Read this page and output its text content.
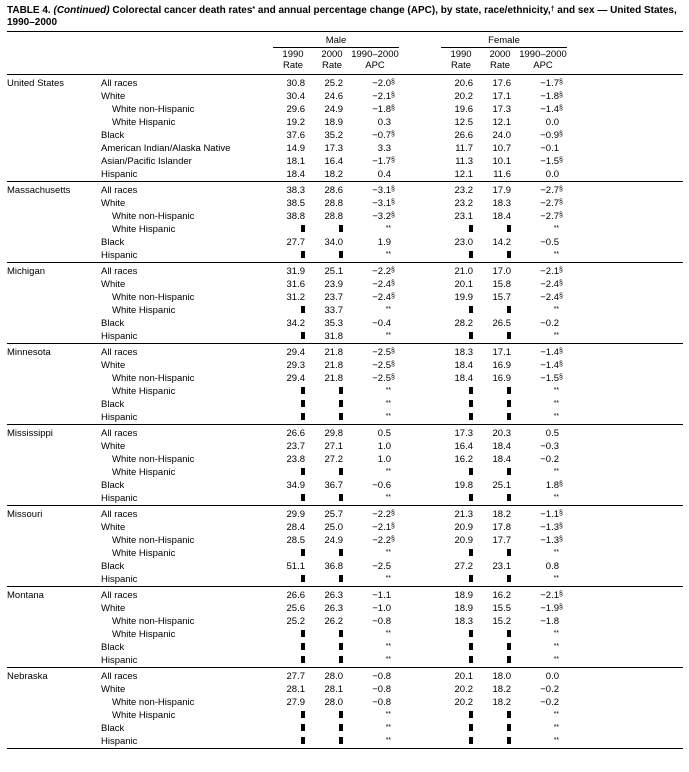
TABLE 4. (Continued) Colorectal cancer death rates* and annual percentage change (APC), by state, race/ethnicity,† and sex — United States, 1990–2000
		Male				Female			

1990
Rate

2000
Rate

1990–2000
APC

1990
Rate

2000
Rate

1990–2000
APC

United States	All races	30.8	25.2	−2.0§		20.6	17.6	−1.7§	
	White	30.4	24.6	−2.1§		20.2	17.1	−1.8§	
	White non-Hispanic	29.6	24.9	−1.8§		19.6	17.3	−1.4§	
	White Hispanic	19.2	18.9	0.3		12.5	12.1	0.0	
	Black	37.6	35.2	−0.7§		26.6	24.0	−0.9§	
	American Indian/Alaska Native	14.9	17.3	3.3		11.7	10.7	−0.1	
	Asian/Pacific Islander	18.1	16.4	−1.7§		11.3	10.1	−1.5§	
	Hispanic	18.4	18.2	0.4		12.1	11.6	0.0	
Massachusetts	All races	38.3	28.6	−3.1§		23.2	17.9	−2.7§	
	White	38.5	28.8	−3.1§		23.2	18.3	−2.7§	
	White non-Hispanic	38.8	28.8	−3.2§		23.1	18.4	−2.7§	
	White Hispanic			**				**	
	Black	27.7	34.0	1.9		23.0	14.2	−0.5	
	Hispanic			**				**	
Michigan	All races	31.9	25.1	−2.2§		21.0	17.0	−2.1§	
	White	31.6	23.9	−2.4§		20.1	15.8	−2.4§	
	White non-Hispanic	31.2	23.7	−2.4§		19.9	15.7	−2.4§	
	White Hispanic		33.7	**				**	
	Black	34.2	35.3	−0.4		28.2	26.5	−0.2	
	Hispanic		31.8	**				**	
Minnesota	All races	29.4	21.8	−2.5§		18.3	17.1	−1.4§	
	White	29.3	21.8	−2.5§		18.4	16.9	−1.4§	
	White non-Hispanic	29.4	21.8	−2.5§		18.4	16.9	−1.5§	
	White Hispanic			**				**	
	Black			**				**	
	Hispanic			**				**	
Mississippi	All races	26.6	29.8	0.5		17.3	20.3	0.5	
	White	23.7	27.1	1.0		16.4	18.4	−0.3	
	White non-Hispanic	23.8	27.2	1.0		16.2	18.4	−0.2	
	White Hispanic			**				**	
	Black	34.9	36.7	−0.6		19.8	25.1	1.8§	
	Hispanic			**				**	
Missouri	All races	29.9	25.7	−2.2§		21.3	18.2	−1.1§	
	White	28.4	25.0	−2.1§		20.9	17.8	−1.3§	
	White non-Hispanic	28.5	24.9	−2.2§		20.9	17.7	−1.3§	
	White Hispanic			**				**	
	Black	51.1	36.8	−2.5		27.2	23.1	0.8	
	Hispanic			**				**	
Montana	All races	26.6	26.3	−1.1		18.9	16.2	−2.1§	
	White	25.6	26.3	−1.0		18.9	15.5	−1.9§	
	White non-Hispanic	25.2	26.2	−0.8		18.3	15.2	−1.8	
	White Hispanic			**				**	
	Black			**				**	
	Hispanic			**				**	
Nebraska	All races	27.7	28.0	−0.8		20.1	18.0	0.0	
	White	28.1	28.1	−0.8		20.2	18.2	−0.2	
	White non-Hispanic	27.9	28.0	−0.8		20.2	18.2	−0.2	
	White Hispanic			**				**	
	Black			**				**	
	Hispanic			**				**	
